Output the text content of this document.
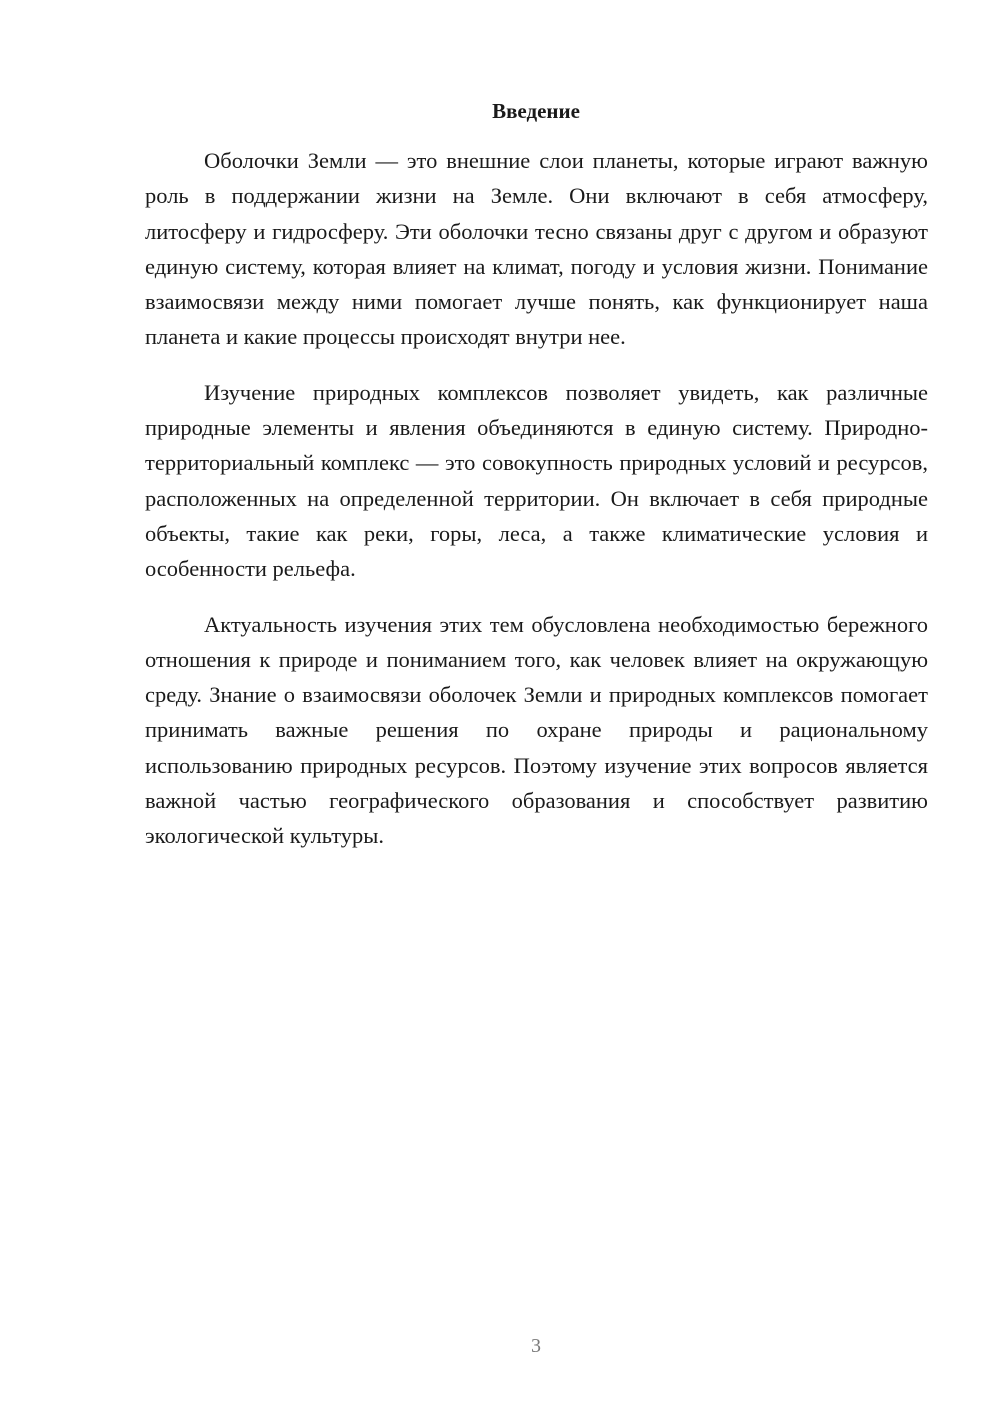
Введение

Оболочки Земли — это внешние слои планеты, которые играют важную роль в поддержании жизни на Земле. Они включают в себя атмосферу, литосферу и гидросферу. Эти оболочки тесно связаны друг с другом и образуют единую систему, которая влияет на климат, погоду и условия жизни. Понимание взаимосвязи между ними помогает лучше понять, как функционирует наша планета и какие процессы происходят внутри нее.

Изучение природных комплексов позволяет увидеть, как различные природные элементы и явления объединяются в единую систему. Природно-территориальный комплекс — это совокупность природных условий и ресурсов, расположенных на определенной территории. Он включает в себя природные объекты, такие как реки, горы, леса, а также климатические условия и особенности рельефа.

Актуальность изучения этих тем обусловлена необходимостью бережного отношения к природе и пониманием того, как человек влияет на окружающую среду. Знание о взаимосвязи оболочек Земли и природных комплексов помогает принимать важные решения по охране природы и рациональному использованию природных ресурсов. Поэтому изучение этих вопросов является важной частью географического образования и способствует развитию экологической культуры.

3
